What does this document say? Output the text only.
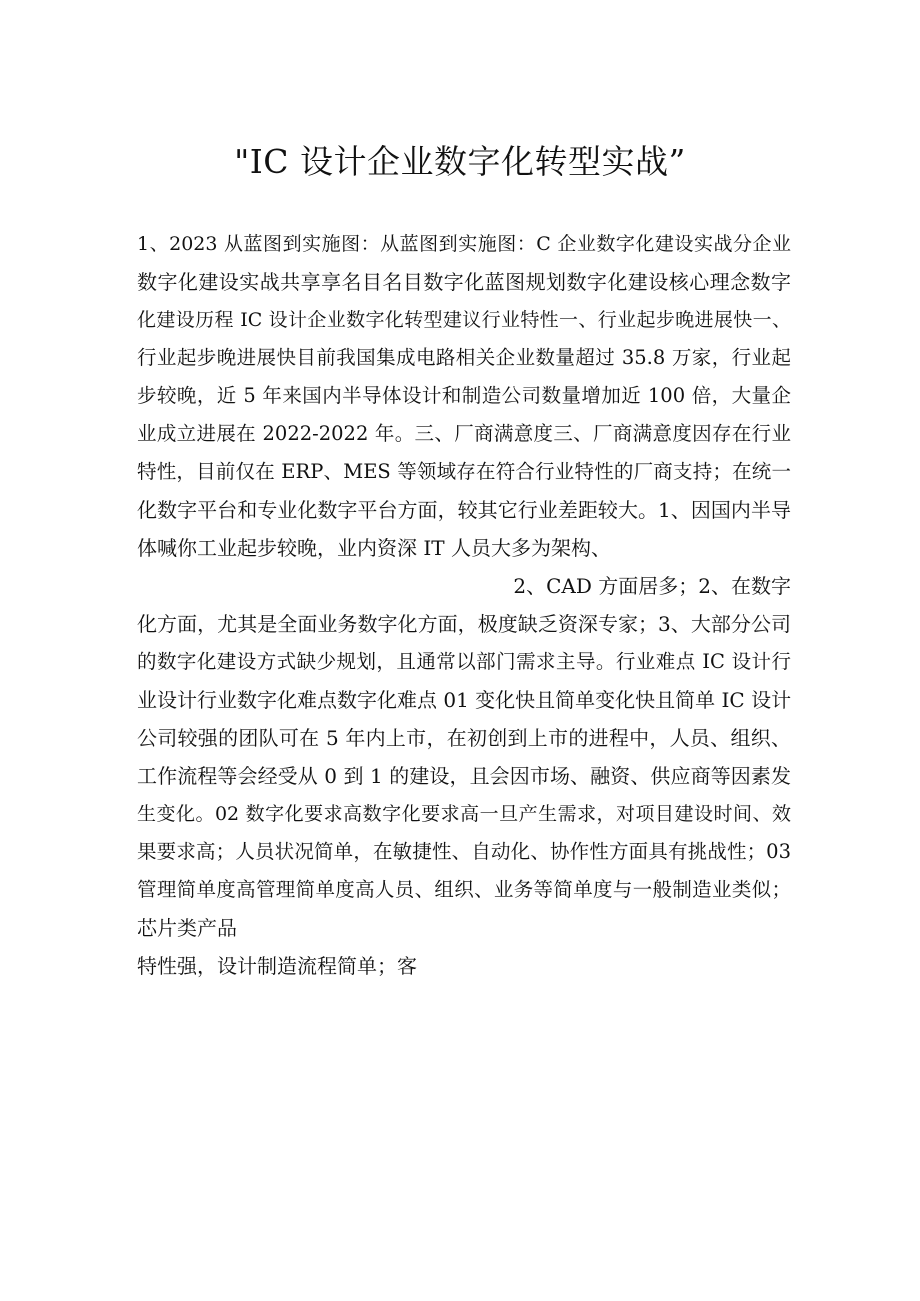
"IC 设计企业数字化转型实战”
1、2023 从蓝图到实施图：从蓝图到实施图：C 企业数字化建设实战分企业
数字化建设实战共享享名目名目数字化蓝图规划数字化建设核心理念数字
化建设历程 IC 设计企业数字化转型建议行业特性一、行业起步晚进展快一、
行业起步晚进展快目前我国集成电路相关企业数量超过 35.8 万家，行业起
步较晚，近 5 年来国内半导体设计和制造公司数量增加近 100 倍，大量企
业成立进展在 2022-2022 年。三、厂商满意度三、厂商满意度因存在行业
特性，目前仅在 ERP、MES 等领域存在符合行业特性的厂商支持；在统一
化数字平台和专业化数字平台方面，较其它行业差距较大。1、因国内半导
体喊你工业起步较晚，业内资深 IT 人员大多为架构、
2、CAD 方面居多；2、在数字
化方面，尤其是全面业务数字化方面，极度缺乏资深专家；3、大部分公司
的数字化建设方式缺少规划，且通常以部门需求主导。行业难点 IC 设计行
业设计行业数字化难点数字化难点 01 变化快且简单变化快且简单 IC 设计
公司较强的团队可在 5 年内上市，在初创到上市的进程中，人员、组织、
工作流程等会经受从 0 到 1 的建设，且会因市场、融资、供应商等因素发
生变化。02 数字化要求高数字化要求高一旦产生需求，对项目建设时间、效
果要求高；人员状况简单，在敏捷性、自动化、协作性方面具有挑战性；03
管理简单度高管理简单度高人员、组织、业务等简单度与一般制造业类似；
芯片类产品
特性强，设计制造流程简单；客
